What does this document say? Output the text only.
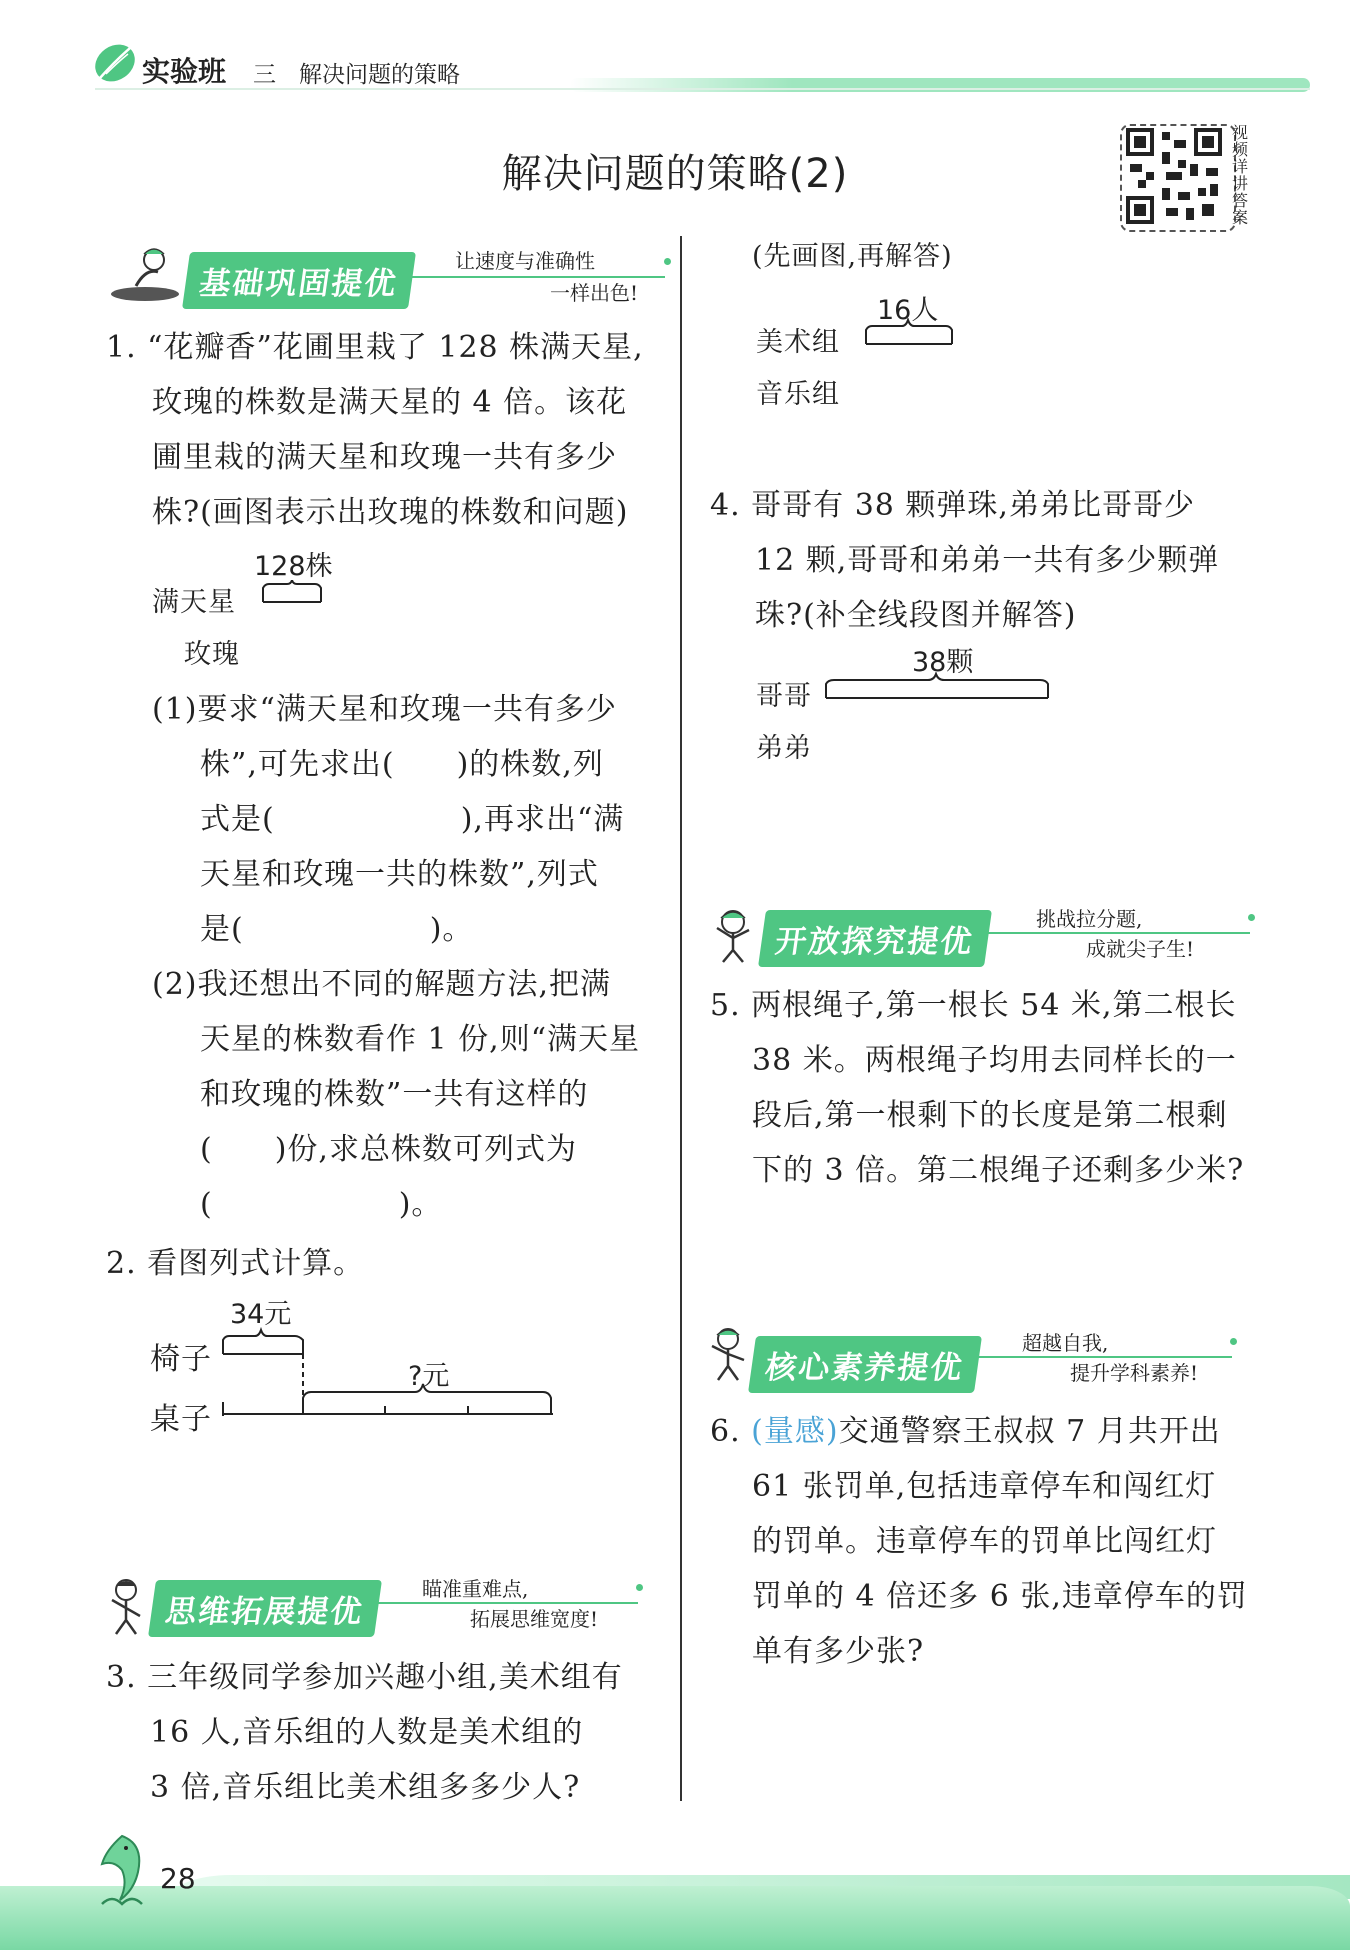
实验班 三　解决问题的策略
解决问题的策略(2)
视频详讲答案
基础巩固提优
让速度与准确性
一样出色!
1. “花瓣香”花圃里栽了 128 株满天星,
玫瑰的株数是满天星的 4 倍。该花
圃里栽的满天星和玫瑰一共有多少
株?(画图表示出玫瑰的株数和问题)
128株
满天星
玫瑰
(1)要求“满天星和玫瑰一共有多少
株”,可先求出(　　)的株数,列
式是(　　　　　　),再求出“满
天星和玫瑰一共的株数”,列式
是(　　　　　　)。
(2)我还想出不同的解题方法,把满
天星的株数看作 1 份,则“满天星
和玫瑰的株数”一共有这样的
(　　)份,求总株数可列式为
(　　　　　　)。
2. 看图列式计算。
34元
?元
椅子
桌子
思维拓展提优
瞄准重难点,
拓展思维宽度!
3. 三年级同学参加兴趣小组,美术组有
16 人,音乐组的人数是美术组的
3 倍,音乐组比美术组多多少人?
(先画图,再解答)
16人
美术组
音乐组
4. 哥哥有 38 颗弹珠,弟弟比哥哥少
12 颗,哥哥和弟弟一共有多少颗弹
珠?(补全线段图并解答)
38颗
哥哥
弟弟
开放探究提优
挑战拉分题,
成就尖子生!
5. 两根绳子,第一根长 54 米,第二根长
38 米。两根绳子均用去同样长的一
段后,第一根剩下的长度是第二根剩
下的 3 倍。第二根绳子还剩多少米?
核心素养提优
超越自我,
提升学科素养!
6. (量感)交通警察王叔叔 7 月共开出
61 张罚单,包括违章停车和闯红灯
的罚单。违章停车的罚单比闯红灯
罚单的 4 倍还多 6 张,违章停车的罚
单有多少张?
28
